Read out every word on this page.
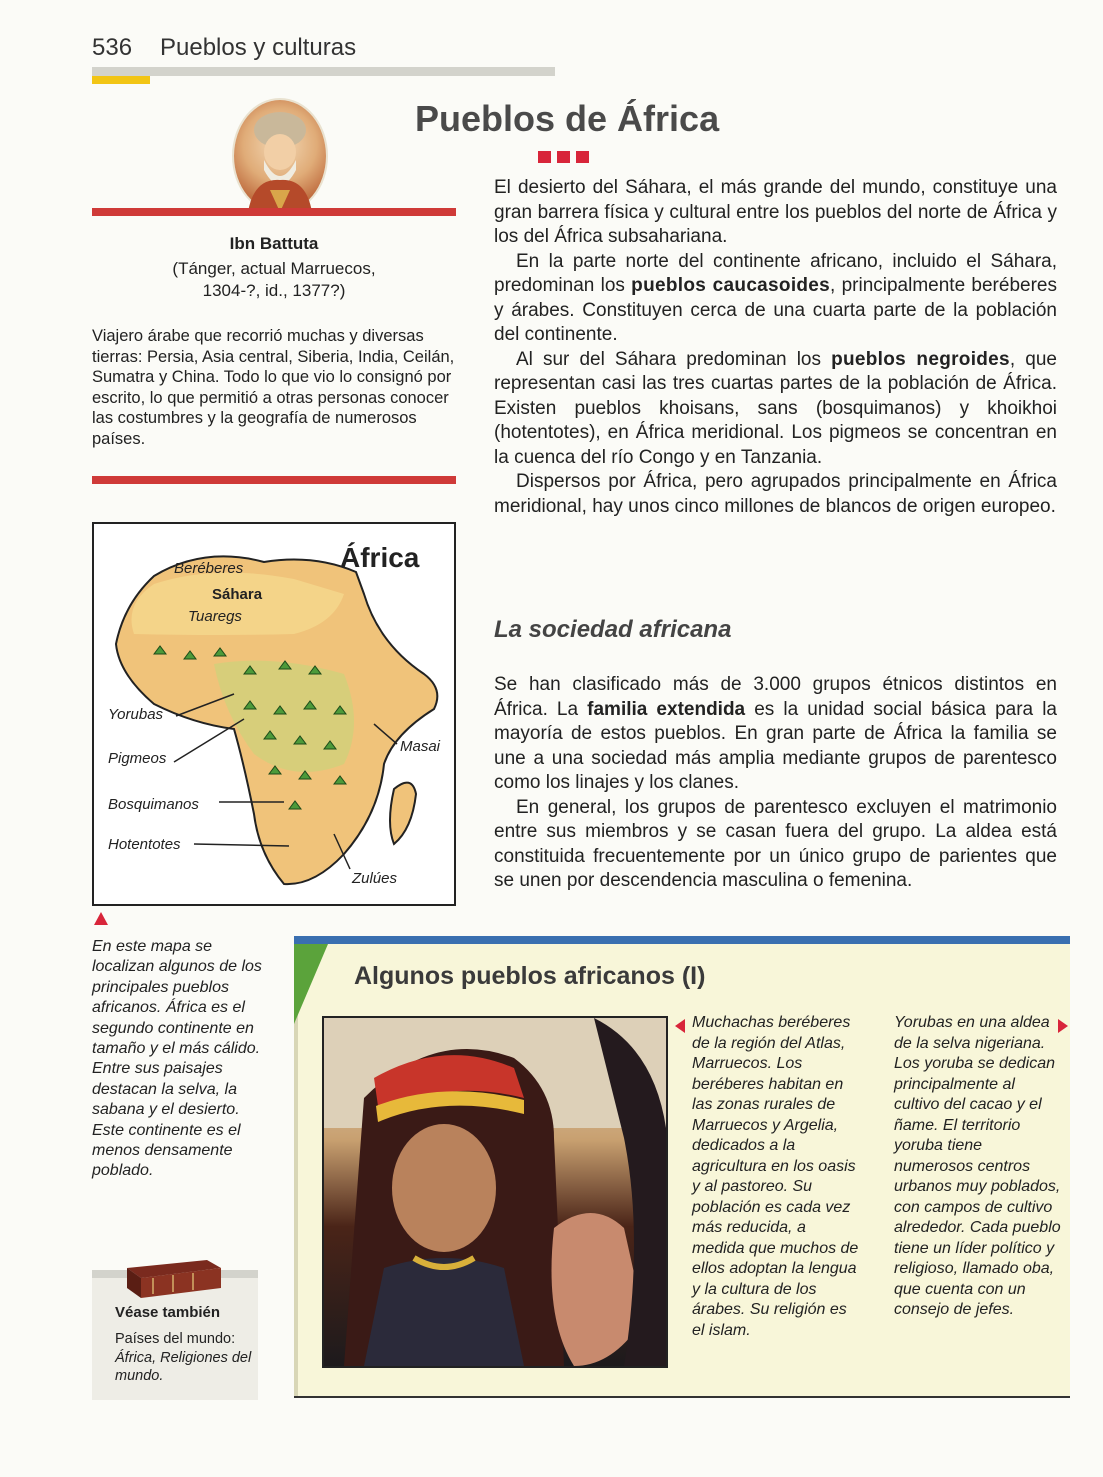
536 Pueblos y culturas
Ibn Battuta
(Tánger, actual Marruecos,
1304-?, id., 1377?)
Viajero árabe que recorrió muchas y diversas tierras: Persia, Asia central, Siberia, India, Ceilán, Sumatra y China. Todo lo que vio lo consignó por escrito, lo que permitió a otras personas conocer las costumbres y la geografía de numerosos países.
Pueblos de África

El desierto del Sáhara, el más grande del mundo, constituye una gran barrera física y cultural entre los pueblos del norte de África y los del África subsahariana.

En la parte norte del continente africano, incluido el Sáhara, predominan los pueblos caucasoides, principalmente beréberes y árabes. Constituyen cerca de una cuarta parte de la población del continente.

Al sur del Sáhara predominan los pueblos negroides, que representan casi las tres cuartas partes de la población de África. Existen pueblos khoisans, sans (bosquimanos) y khoikhoi (hotentotes), en África meridional. Los pigmeos se concentran en la cuenca del río Congo y en Tanzania.

Dispersos por África, pero agrupados principalmente en África meridional, hay unos cinco millones de blancos de origen europeo.

La sociedad africana

Se han clasificado más de 3.000 grupos étnicos distintos en África. La familia extendida es la unidad social básica para la mayoría de estos pueblos. En gran parte de África la familia se une a una sociedad más amplia mediante grupos de parentesco como los linajes y los clanes.

En general, los grupos de parentesco excluyen el matrimonio entre sus miembros y se casan fuera del grupo. La aldea está constituida frecuentemente por un único grupo de parientes que se unen por descendencia masculina o femenina.

África
Beréberes
Sáhara
Tuaregs
Yorubas
Pigmeos
Bosquimanos
Hotentotes
Masai
Zulúes
En este mapa se localizan algunos de los principales pueblos africanos. África es el segundo continente en tamaño y el más cálido. Entre sus paisajes destacan la selva, la sabana y el desierto. Este continente es el menos densamente poblado.
Véase también
Países del mundo:
África, Religiones del mundo.
Algunos pueblos africanos (I)
Muchachas beréberes de la región del Atlas, Marruecos. Los beréberes habitan en las zonas rurales de Marruecos y Argelia, dedicados a la agricultura en los oasis y al pastoreo. Su población es cada vez más reducida, a medida que muchos de ellos adoptan la lengua y la cultura de los árabes. Su religión es el islam.
Yorubas en una aldea de la selva nigeriana. Los yoruba se dedican principalmente al cultivo del cacao y el ñame. El territorio yoruba tiene numerosos centros urbanos muy poblados, con campos de cultivo alrededor. Cada pueblo tiene un líder político y religioso, llamado oba, que cuenta con un consejo de jefes.
